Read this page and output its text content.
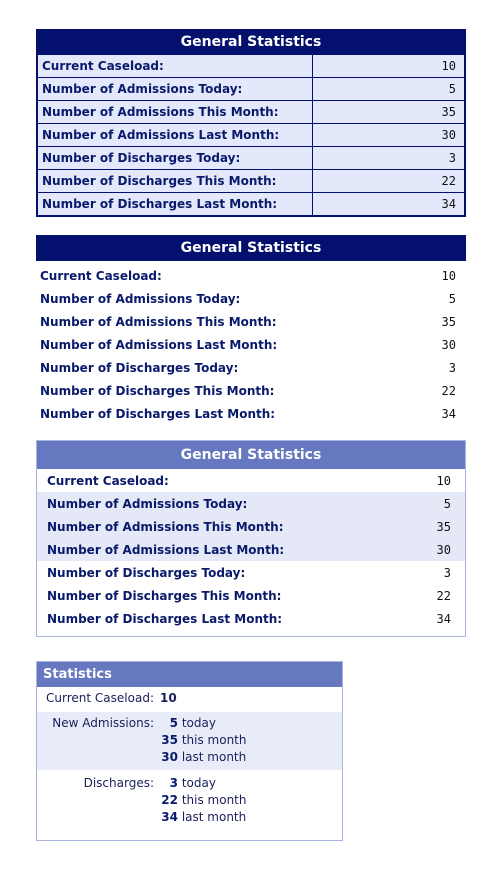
General Statistics
Current Caseload:	10
Number of Admissions Today:	5
Number of Admissions This Month:	35
Number of Admissions Last Month:	30
Number of Discharges Today:	3
Number of Discharges This Month:	22
Number of Discharges Last Month:	34
General Statistics
Current Caseload:	10
Number of Admissions Today:	5
Number of Admissions This Month:	35
Number of Admissions Last Month:	30
Number of Discharges Today:	3
Number of Discharges This Month:	22
Number of Discharges Last Month:	34
General Statistics
Current Caseload:	10
Number of Admissions Today:	5
Number of Admissions This Month:	35
Number of Admissions Last Month:	30
Number of Discharges Today:	3
Number of Discharges This Month:	22
Number of Discharges Last Month:	34
Statistics
Current Caseload: 10
New Admissions:	5 today
35 this month
30 last month
Discharges:	3 today
22 this month
34 last month
